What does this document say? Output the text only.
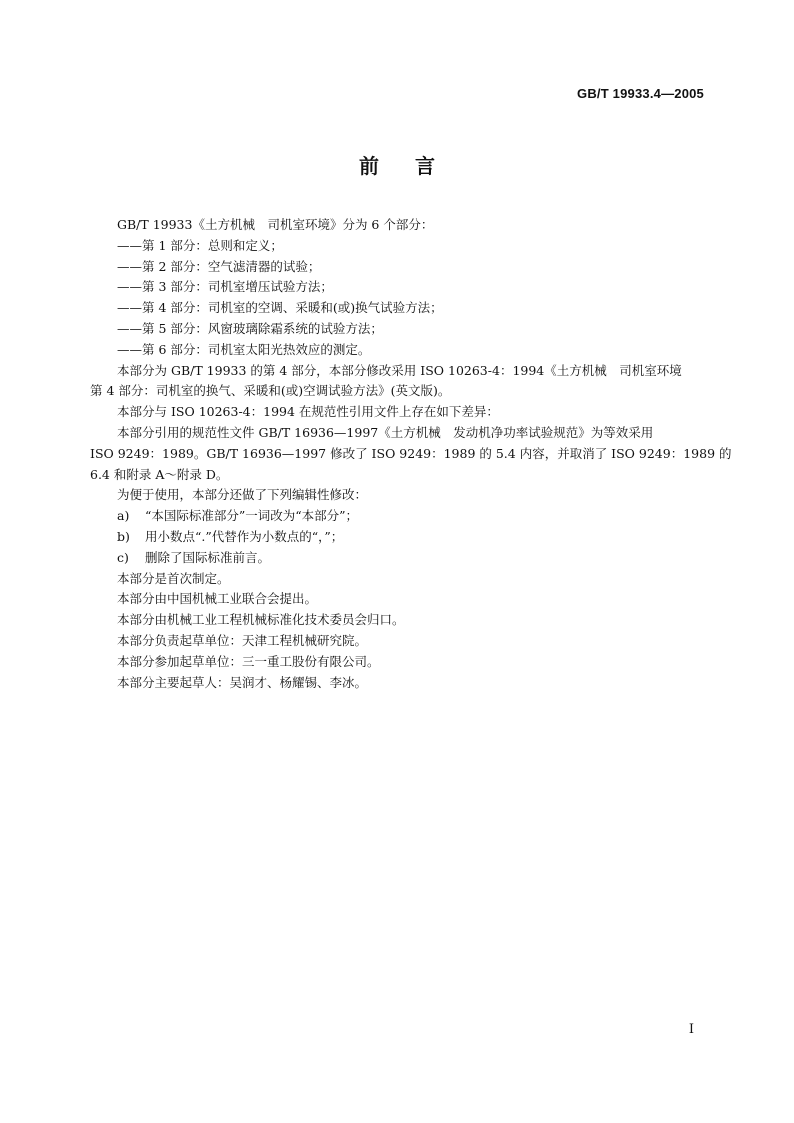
GB/T 19933.4—2005
前言

GB/T 19933《土方机械　司机室环境》分为 6 个部分：

——第 1 部分：总则和定义；

——第 2 部分：空气滤清器的试验；

——第 3 部分：司机室增压试验方法；

——第 4 部分：司机室的空调、采暖和(或)换气试验方法；

——第 5 部分：风窗玻璃除霜系统的试验方法；

——第 6 部分：司机室太阳光热效应的测定。

本部分为 GB/T 19933 的第 4 部分，本部分修改采用 ISO 10263-4：1994《土方机械　司机室环境
第 4 部分：司机室的换气、采暖和(或)空调试验方法》(英文版)。

本部分与 ISO 10263-4：1994 在规范性引用文件上存在如下差异：

本部分引用的规范性文件 GB/T 16936—1997《土方机械　发动机净功率试验规范》为等效采用
ISO 9249：1989。GB/T 16936—1997 修改了 ISO 9249：1989 的 5.4 内容，并取消了 ISO 9249：1989 的
6.4 和附录 A～附录 D。

为便于使用，本部分还做了下列编辑性修改：

a) “本国际标准部分”一词改为“本部分”；

b) 用小数点“.”代替作为小数点的“，”；

c) 删除了国际标准前言。

本部分是首次制定。

本部分由中国机械工业联合会提出。

本部分由机械工业工程机械标准化技术委员会归口。

本部分负责起草单位：天津工程机械研究院。

本部分参加起草单位：三一重工股份有限公司。

本部分主要起草人：吴润才、杨耀锡、李冰。

I
